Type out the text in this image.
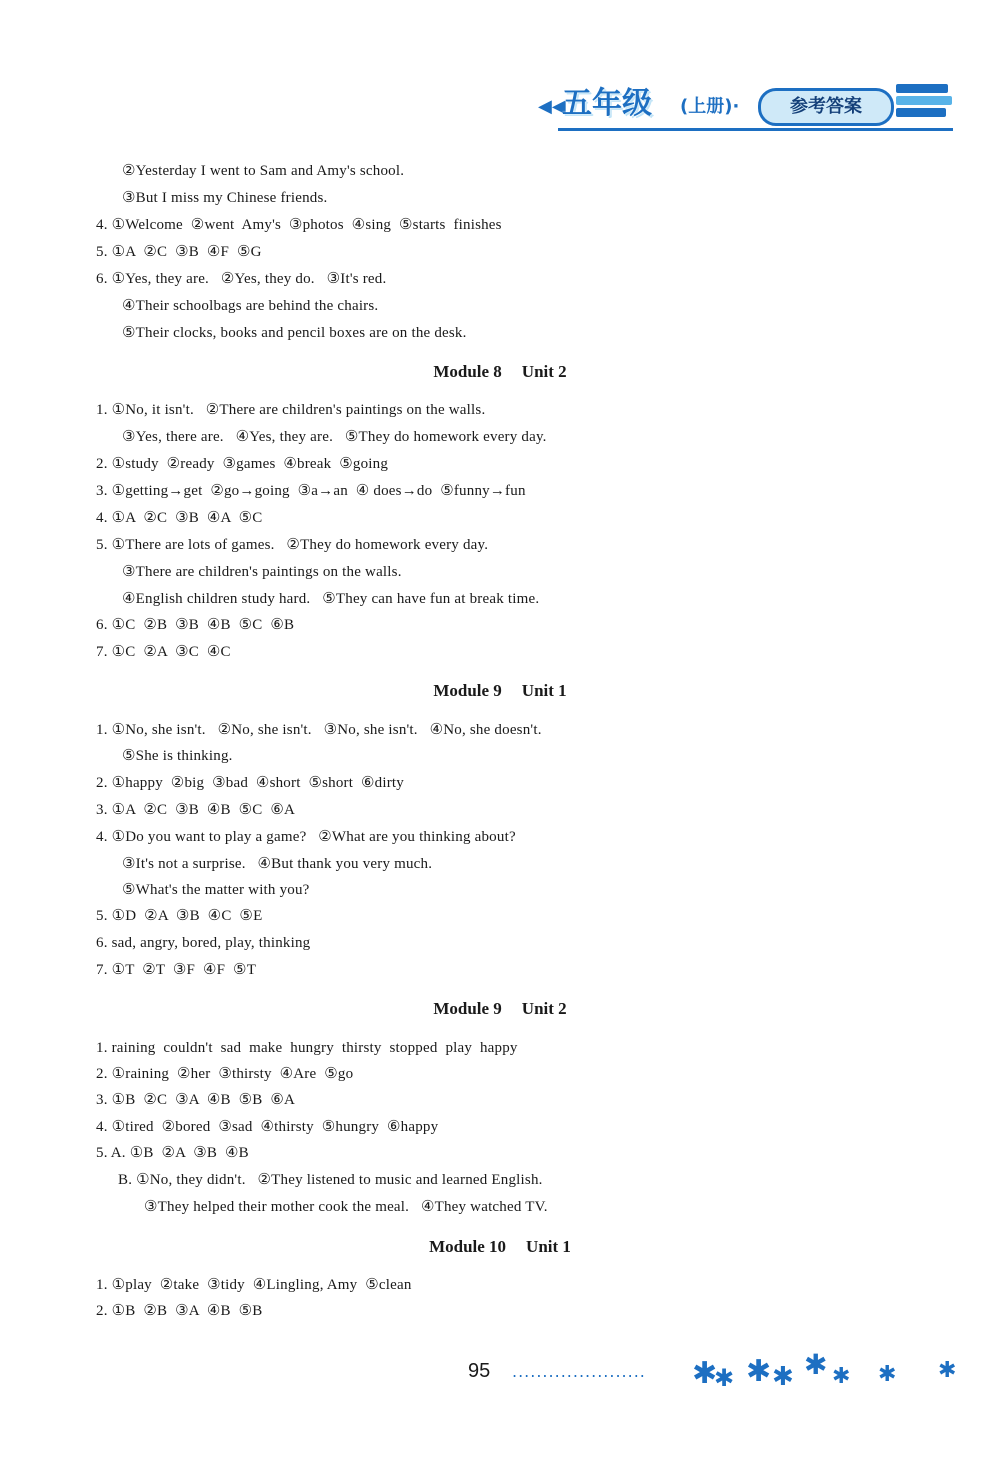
◀◀
五年级	(上册)·	参考答案
②Yesterday I went to Sam and Amy's school.
③But I miss my Chinese friends.
4. ①Welcome  ②went  Amy's  ③photos  ④sing  ⑤starts  finishes
5. ①A  ②C  ③B  ④F  ⑤G
6. ①Yes, they are.   ②Yes, they do.   ③It's red.
④Their schoolbags are behind the chairs.
⑤Their clocks, books and pencil boxes are on the desk.
Module 8 Unit 2
1. ①No, it isn't.   ②There are children's paintings on the walls.
③Yes, there are.   ④Yes, they are.   ⑤They do homework every day.
2. ①study  ②ready  ③games  ④break  ⑤going
3. ①getting→get  ②go→going  ③a→an  ④ does→do  ⑤funny→fun
4. ①A  ②C  ③B  ④A  ⑤C
5. ①There are lots of games.   ②They do homework every day.
③There are children's paintings on the walls.
④English children study hard.   ⑤They can have fun at break time.
6. ①C  ②B  ③B  ④B  ⑤C  ⑥B
7. ①C  ②A  ③C  ④C
Module 9 Unit 1
1. ①No, she isn't.   ②No, she isn't.   ③No, she isn't.   ④No, she doesn't.
⑤She is thinking.
2. ①happy  ②big  ③bad  ④short  ⑤short  ⑥dirty
3. ①A  ②C  ③B  ④B  ⑤C  ⑥A
4. ①Do you want to play a game?   ②What are you thinking about?
③It's not a surprise.   ④But thank you very much.
⑤What's the matter with you?
5. ①D  ②A  ③B  ④C  ⑤E
6. sad, angry, bored, play, thinking
7. ①T  ②T  ③F  ④F  ⑤T
Module 9 Unit 2
1. raining  couldn't  sad  make  hungry  thirsty  stopped  play  happy
2. ①raining  ②her  ③thirsty  ④Are  ⑤go
3. ①B  ②C  ③A  ④B  ⑤B  ⑥A
4. ①tired  ②bored  ③sad  ④thirsty  ⑤hungry  ⑥happy
5. A. ①B  ②A  ③B  ④B
B. ①No, they didn't.   ②They listened to music and learned English.
③They helped their mother cook the meal.   ④They watched TV.
Module 10 Unit 1
1. ①play  ②take  ③tidy  ④Lingling, Amy  ⑤clean
2. ①B  ②B  ③A  ④B  ⑤B
95 ...................... ✱
✱ ✱ ✱ ✱ ✱ ✱ ✱
